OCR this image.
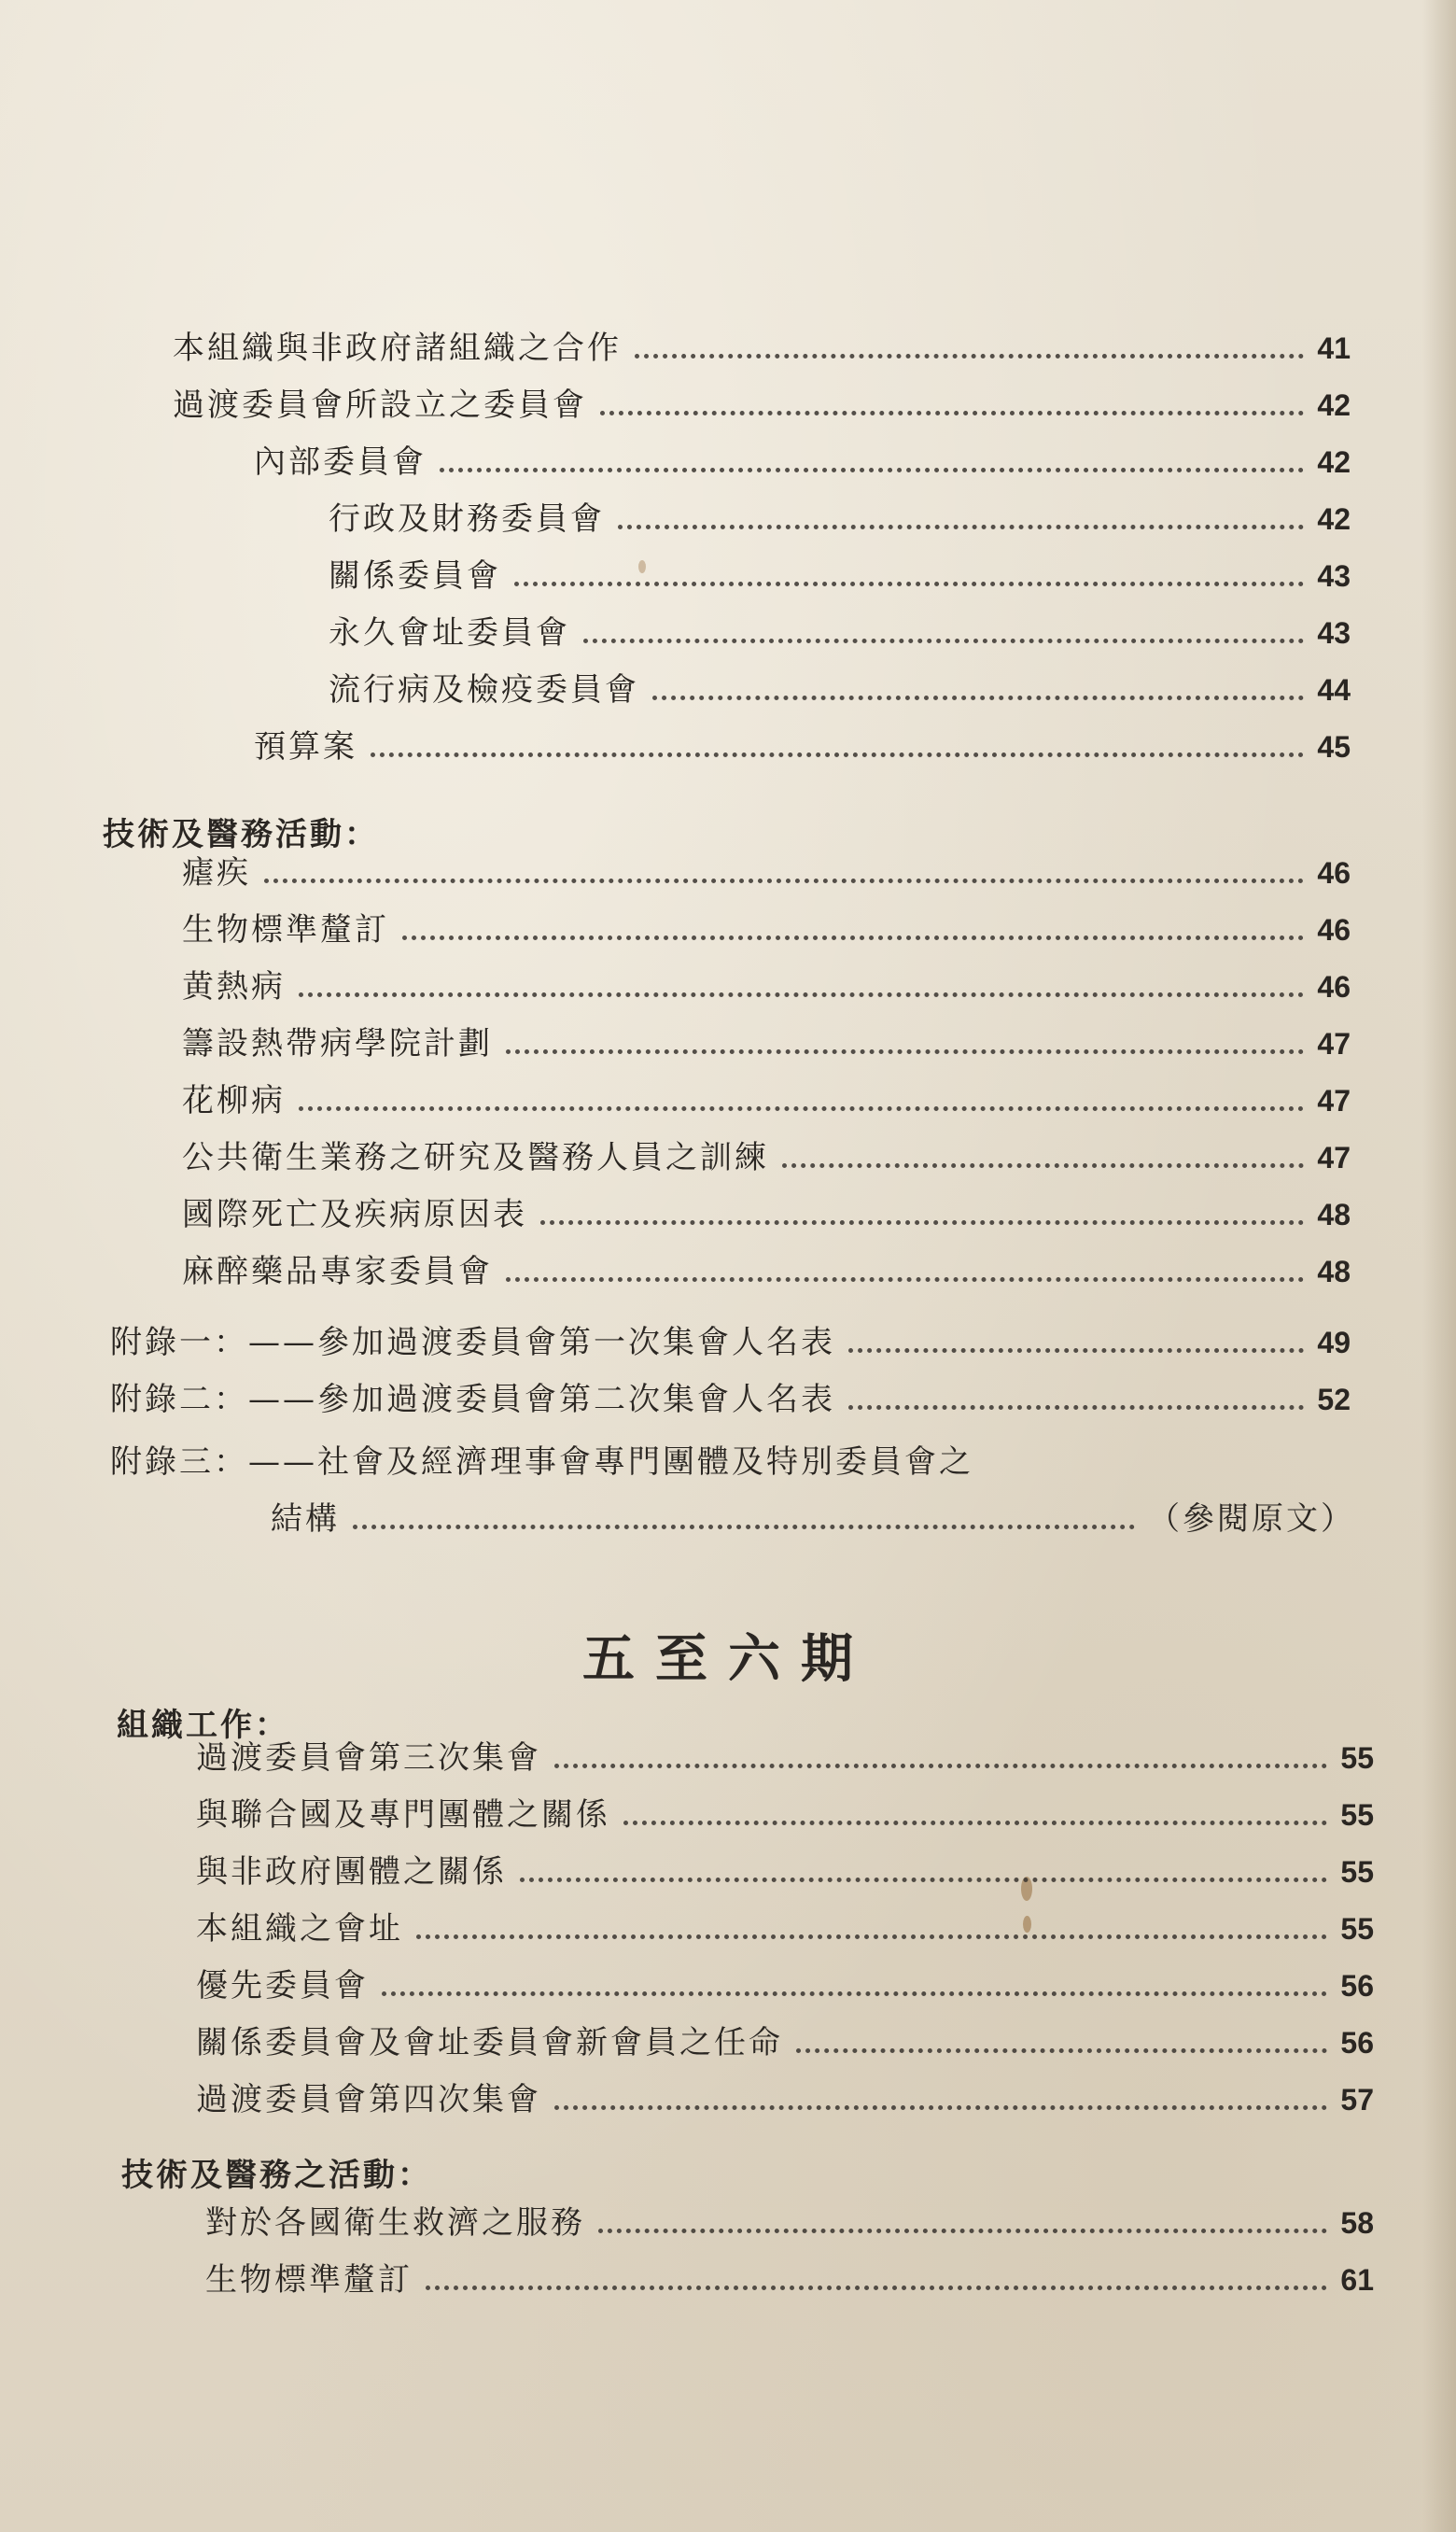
本組織與非政府諸組織之合作	41
過渡委員會所設立之委員會	42
內部委員會	42
行政及財務委員會	42
關係委員會	43
永久會址委員會	43
流行病及檢疫委員會	44
預算案	45
技術及醫務活動：
瘧疾	46
生物標準釐訂	46
黄熱病	46
籌設熱帶病學院計劃	47
花柳病	47
公共衛生業務之研究及醫務人員之訓練	47
國際死亡及疾病原因表	48
麻醉藥品專家委員會	48
附錄一：——參加過渡委員會第一次集會人名表	49
附錄二：——參加過渡委員會第二次集會人名表	52
附錄三：——社會及經濟理事會專門團體及特別委員會之
結構	（參閱原文）
五至六期
組織工作：
過渡委員會第三次集會	55
與聯合國及專門團體之關係	55
與非政府團體之關係	55
本組織之會址	55
優先委員會	56
關係委員會及會址委員會新會員之任命	56
過渡委員會第四次集會	57
技術及醫務之活動：
對於各國衛生救濟之服務	58
生物標準釐訂	61
